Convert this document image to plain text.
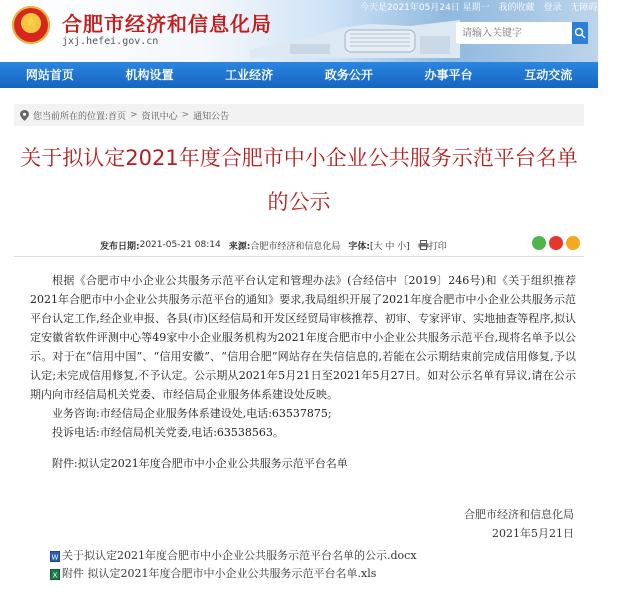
★	合肥市经济和信息化局
jxj.hefei.gov.cn
今天是2021年05月24日 星期一 我的收藏 登录 无障碍阅读
请输入关键字
网站首页	机构设置	工业经济	政务公开	办事平台	互动交流
您当前所在的位置: 首页 > 资讯中心 > 通知公告
关于拟认定2021年度合肥市中小企业公共服务示范平台名单
的公示
发布日期: 2021-05-21 08:14 来源: 合肥市经济和信息化局 字体: [大 中 小] 打印
根据《合肥市中小企业公共服务示范平台认定和管理办法》(合经信中〔2019〕246号)和《关于组织推荐2021年合肥市中小企业公共服务示范平台的通知》要求,我局组织开展了2021年度合肥市中小企业公共服务示范平台认定工作,经企业申报、各县(市)区经信局和开发区经贸局审核推荐、初审、专家评审、实地抽查等程序,拟认定安徽省软件评测中心等49家中小企业服务机构为2021年度合肥市中小企业公共服务示范平台,现将名单予以公示。对于在“信用中国”、“信用安徽”、“信用合肥”网站存在失信信息的,若能在公示期结束前完成信用修复,予以认定;未完成信用修复,不予认定。公示期从2021年5月21日至2021年5月27日。如对公示名单有异议,请在公示期内向市经信局机关党委、市经信局企业服务体系建设处反映。
业务咨询:市经信局企业服务体系建设处,电话:63537875;
投诉电话:市经信局机关党委,电话:63538563。
附件:拟认定2021年度合肥市中小企业公共服务示范平台名单
合肥市经济和信息化局
2021年5月21日
W 关于拟认定2021年度合肥市中小企业公共服务示范平台名单的公示.docx
X 附件 拟认定2021年度合肥市中小企业公共服务示范平台名单.xls
